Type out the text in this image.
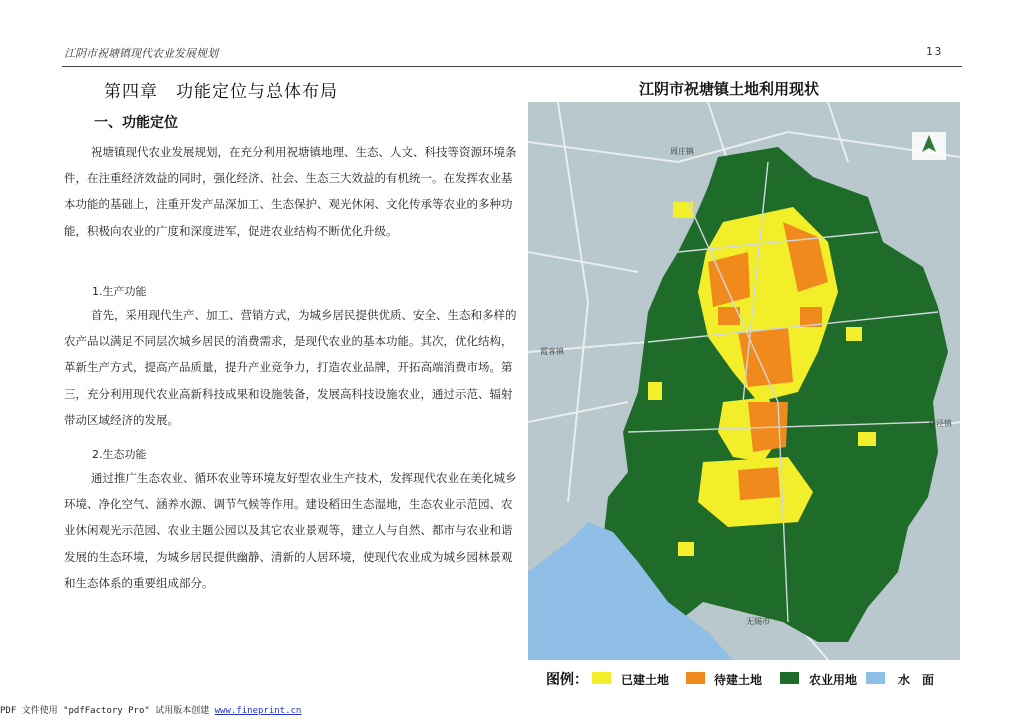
江阴市祝塘镇现代农业发展规划	13
第四章　功能定位与总体布局
一、功能定位
祝塘镇现代农业发展规划，在充分利用祝塘镇地理、生态、人文、科技等资源环境条件，在注重经济效益的同时，强化经济、社会、生态三大效益的有机统一。在发挥农业基本功能的基础上，注重开发产品深加工、生态保护、观光休闲、文化传承等农业的多种功能，积极向农业的广度和深度进军，促进农业结构不断优化升级。
1.生产功能
首先，采用现代生产、加工、营销方式，为城乡居民提供优质、安全、生态和多样的农产品以满足不同层次城乡居民的消费需求，是现代农业的基本功能。其次，优化结构，革新生产方式，提高产品质量，提升产业竞争力，打造农业品牌，开拓高端消费市场。第三，充分利用现代农业高新科技成果和设施装备，发展高科技设施农业，通过示范、辐射带动区域经济的发展。
2.生态功能
通过推广生态农业、循环农业等环境友好型农业生产技术，发挥现代农业在美化城乡环境、净化空气、涵养水源、调节气候等作用。建设稻田生态湿地，生态农业示范园、农业休闲观光示范园、农业主题公园以及其它农业景观等，建立人与自然、都市与农业和谐发展的生态环境，为城乡居民提供幽静、清新的人居环境，使现代农业成为城乡园林景观和生态体系的重要组成部分。
江阴市祝塘镇土地利用现状
周庄镇
霞客镇
长泾镇
无锡市
图例：	已建土地	待建土地	农业用地	水　面
PDF 文件使用 "pdfFactory Pro" 试用版本创建 www.fineprint.cn
